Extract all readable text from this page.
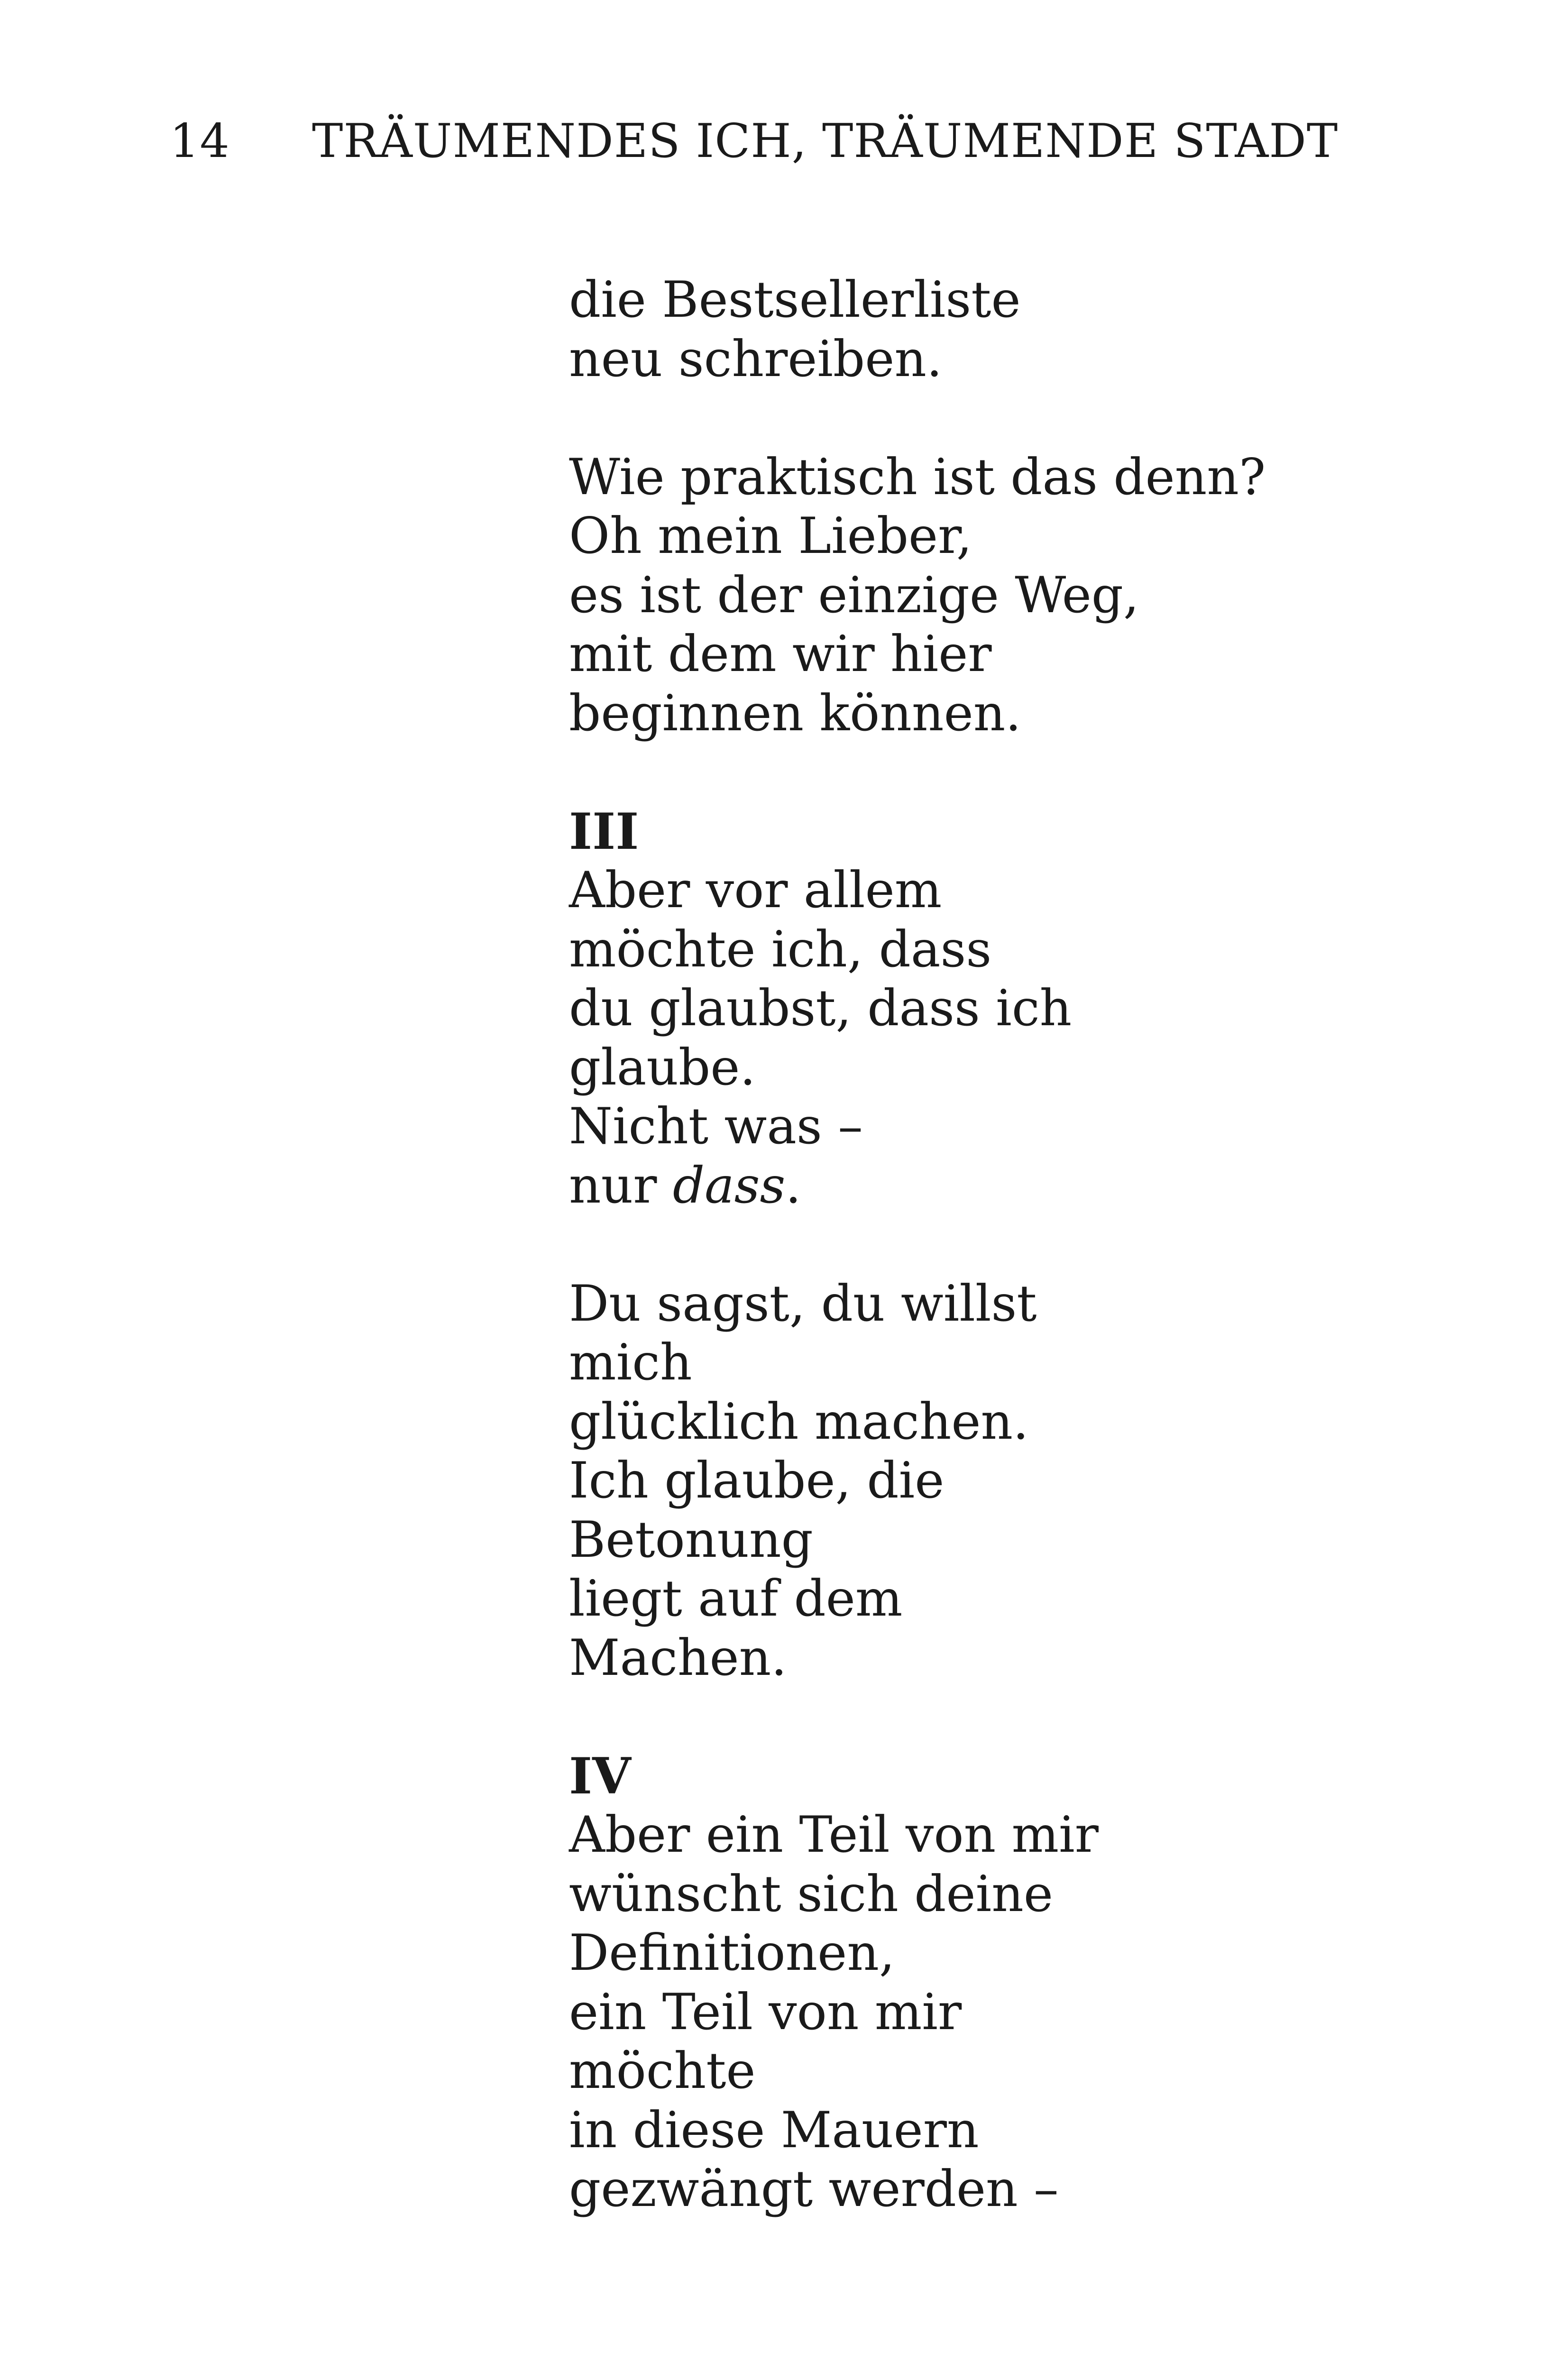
14 TRÄUMENDES ICH, TRÄUMENDE STADT
die Bestsellerliste
neu schreiben.
Wie praktisch ist das denn?
Oh mein Lieber,
es ist der einzige Weg,
mit dem wir hier
beginnen können.
III
Aber vor allem
möchte ich, dass
du glaubst, dass ich
glaube.
Nicht was –
nur dass.
Du sagst, du willst
mich
glücklich machen.
Ich glaube, die
Betonung
liegt auf dem
Machen.
IV
Aber ein Teil von mir
wünscht sich deine
Definitionen,
ein Teil von mir
möchte
in diese Mauern
gezwängt werden –
